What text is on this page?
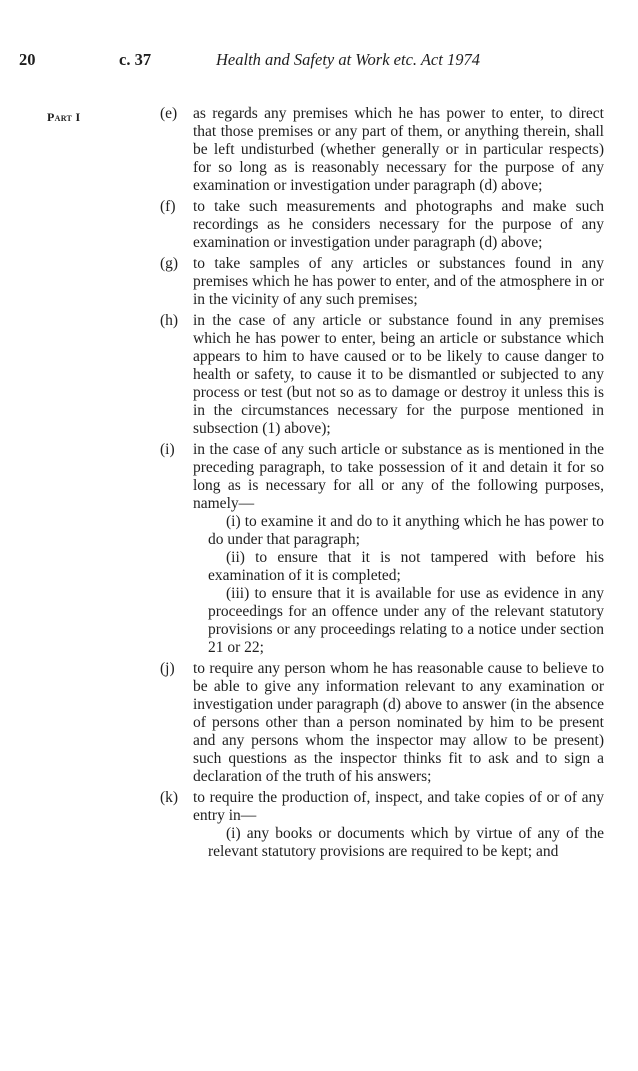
20	c. 37	Health and Safety at Work etc. Act 1974
Part I	(e) as regards any premises which he has power to enter, to direct that those premises or any part of them, or anything therein, shall be left undisturbed (whether generally or in particular respects) for so long as is reasonably necessary for the purpose of any examination or investigation under paragraph (d) above;
(f) to take such measurements and photographs and make such recordings as he considers necessary for the purpose of any examination or investigation under paragraph (d) above;
(g) to take samples of any articles or substances found in any premises which he has power to enter, and of the atmosphere in or in the vicinity of any such premises;
(h) in the case of any article or substance found in any premises which he has power to enter, being an article or substance which appears to him to have caused or to be likely to cause danger to health or safety, to cause it to be dismantled or subjected to any process or test (but not so as to damage or destroy it unless this is in the circumstances necessary for the purpose mentioned in subsection (1) above);
(i) in the case of any such article or substance as is mentioned in the preceding paragraph, to take possession of it and detain it for so long as is necessary for all or any of the following purposes, namely—

(i) to examine it and do to it anything which he has power to do under that paragraph;

(ii) to ensure that it is not tampered with before his examination of it is completed;

(iii) to ensure that it is available for use as evidence in any proceedings for an offence under any of the relevant statutory provisions or any proceedings relating to a notice under section 21 or 22;

(j) to require any person whom he has reasonable cause to believe to be able to give any information relevant to any examination or investigation under paragraph (d) above to answer (in the absence of persons other than a person nominated by him to be present and any persons whom the inspector may allow to be present) such questions as the inspector thinks fit to ask and to sign a declaration of the truth of his answers;
(k) to require the production of, inspect, and take copies of or of any entry in—

(i) any books or documents which by virtue of any of the relevant statutory provisions are required to be kept; and
